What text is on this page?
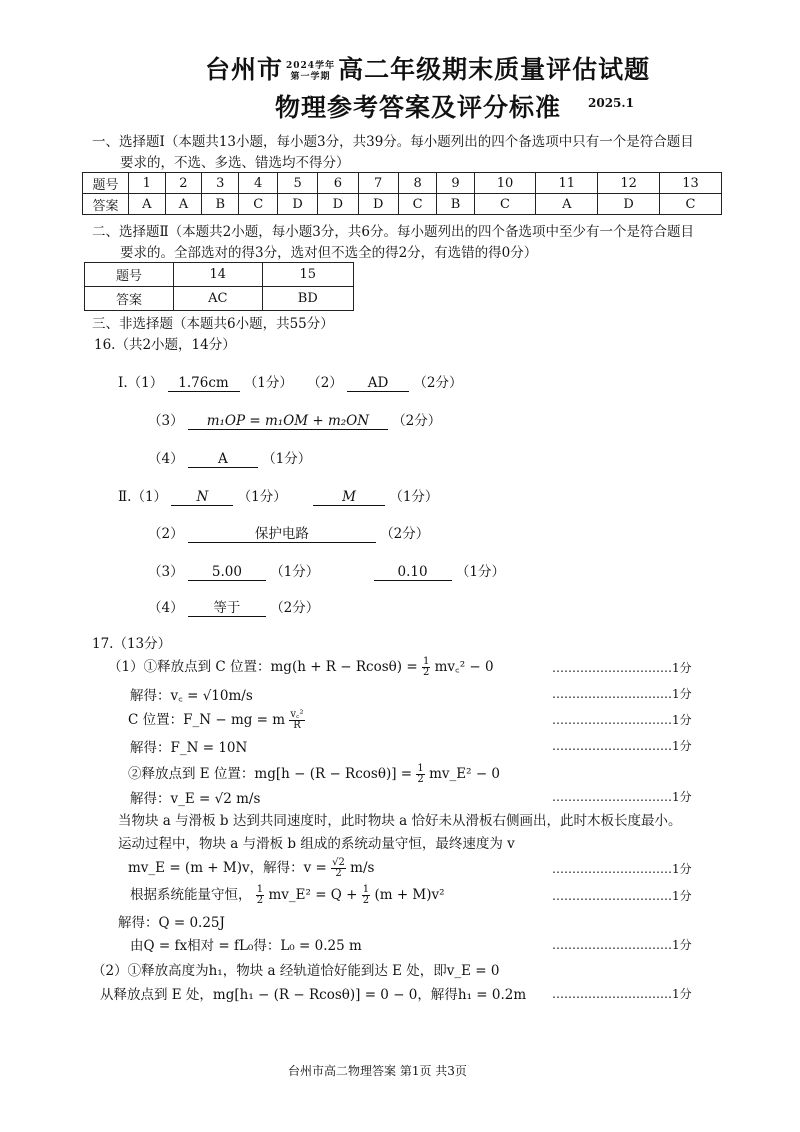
台州市 2024学年
第一学期 高二年级期末质量评估试题
物理参考答案及评分标准 2025.1
一、选择题Ⅰ（本题共13小题，每小题3分，共39分。每小题列出的四个备选项中只有一个是符合题目
要求的，不选、多选、错选均不得分）
题号	1	2	3	4	5	6	7	8	9	10	11	12	13
答案	A	A	B	C	D	D	D	C	B	C	A	D	C
二、选择题Ⅱ（本题共2小题，每小题3分，共6分。每小题列出的四个备选项中至少有一个是符合题目
要求的。全部选对的得3分，选对但不选全的得2分，有选错的得0分）
题号	14	15
答案	AC	BD
三、非选择题（本题共6小题，共55分）
16.（共2小题，14分）
Ⅰ.（1） 1.76cm （1分） （2） AD （2分）
（3） m₁OP = m₁OM + m₂ON （2分）
（4）	A	（1分）
Ⅱ.（1） N （1分）	M （1分）
（2）	保护电路	（2分）
（3） 5.00 （1分）	0.10 （1分）
（4） 等于 （2分）
17.（13分）
（1）①释放点到 C 位置：$mg(h + R - Rcos\theta) = \frac{1}{2}$ mv꜀² − 0	…………………………1分
解得：v꜀ = √10m/s	…………………………1分
C 位置：F_N − mg = m $\frac{\text{v꜀²}}{R}$	…………………………1分
解得：F_N = 10N	…………………………1分
②释放点到 E 位置：$mg[h - (R - Rcos\theta)] = \frac{1}{2}$ mv_E² − 0
解得：v_E = √2 m/s	…………………………1分
当物块 a 与滑板 b 达到共同速度时，此时物块 a 恰好未从滑板右侧画出，此时木板长度最小。
运动过程中，物块 a 与滑板 b 组成的系统动量守恒，最终速度为 v
mv_E = (m + M)v，解得：$v = \frac{√2}{2} m/s$	…………………………1分
根据系统能量守恒， $\frac{1}{2}$ mv_E² = $Q + \frac{1}{2} (m + M)v^2$	…………………………1分
解得：Q = 0.25J
由Q = fx相对 = fL₀得：L₀ = 0.25 m	…………………………1分
（2）①释放高度为h₁，物块 a 经轨道恰好能到达 E 处，即v_E = 0
从释放点到 E 处，mg[h₁ − (R − Rcosθ)] = 0 − 0，解得h₁ = 0.2m …………………………1分
台州市高二物理答案 第1页 共3页
